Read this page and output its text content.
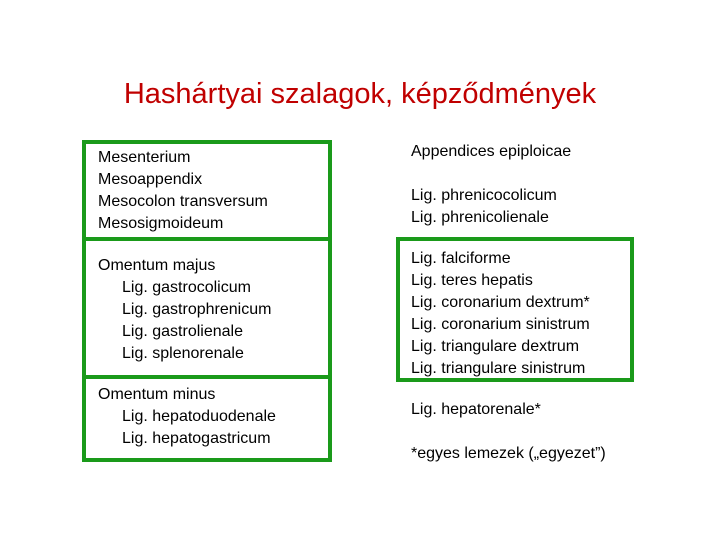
Hashártyai szalagok, képződmények
Mesenterium
Mesoappendix
Mesocolon transversum
Mesosigmoideum
Omentum majus
Lig. gastrocolicum
Lig. gastrophrenicum
Lig. gastrolienale
Lig. splenorenale
Omentum minus
Lig. hepatoduodenale
Lig. hepatogastricum
Appendices epiploicae
Lig. phrenicocolicum
Lig. phrenicolienale
Lig. falciforme
Lig. teres hepatis
Lig. coronarium dextrum*
Lig. coronarium sinistrum
Lig. triangulare dextrum
Lig. triangulare sinistrum
Lig. hepatorenale*
*egyes lemezek („egyezet”)
